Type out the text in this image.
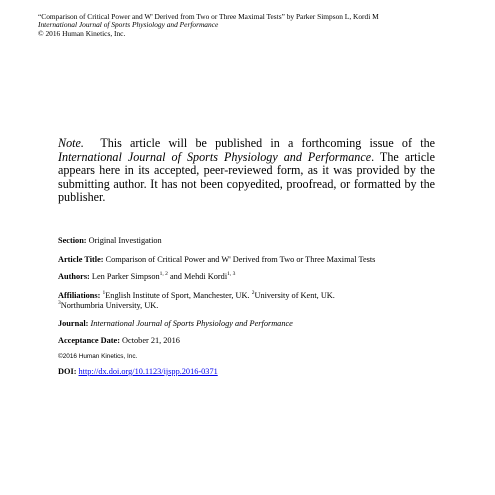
“Comparison of Critical Power and W' Derived from Two or Three Maximal Tests” by Parker Simpson L, Kordi M
International Journal of Sports Physiology and Performance
© 2016 Human Kinetics, Inc.
Note. This article will be published in a forthcoming issue of the International Journal of Sports Physiology and Performance. The article appears here in its accepted, peer-reviewed form, as it was provided by the submitting author. It has not been copyedited, proofread, or formatted by the publisher.
Section: Original Investigation
Article Title: Comparison of Critical Power and W' Derived from Two or Three Maximal Tests
Authors: Len Parker Simpson$^{1, 2}$ and Mehdi Kordi$^{1, 3}$
Affiliations: $^1$English Institute of Sport, Manchester, UK. $^2$University of Kent, UK.
$^3$Northumbria University, UK.
Journal: International Journal of Sports Physiology and Performance
Acceptance Date: October 21, 2016
©2016 Human Kinetics, Inc.
DOI: http://dx.doi.org/10.1123/ijspp.2016-0371
